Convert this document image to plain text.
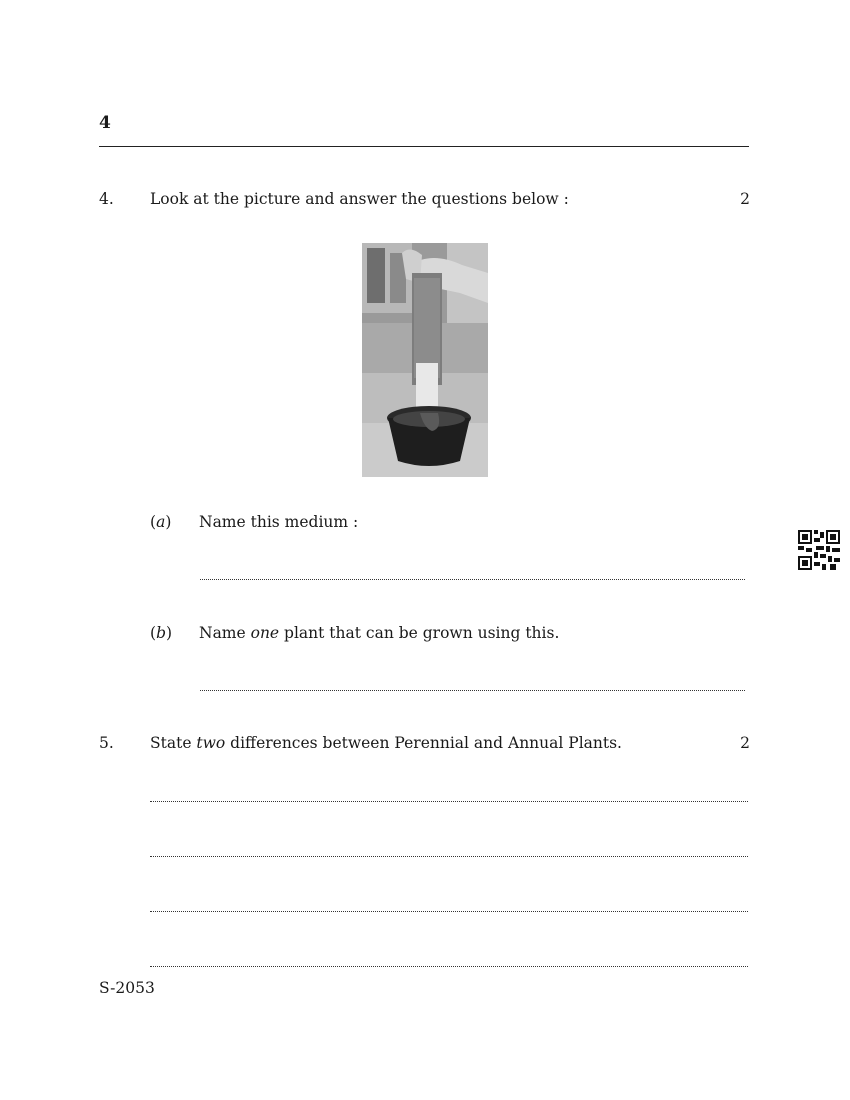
4
4. Look at the picture and answer the questions below :	2
(a) Name this medium :
(b) Name one plant that can be grown using this.
5. State two differences between Perennial and Annual Plants.	2
S-2053
